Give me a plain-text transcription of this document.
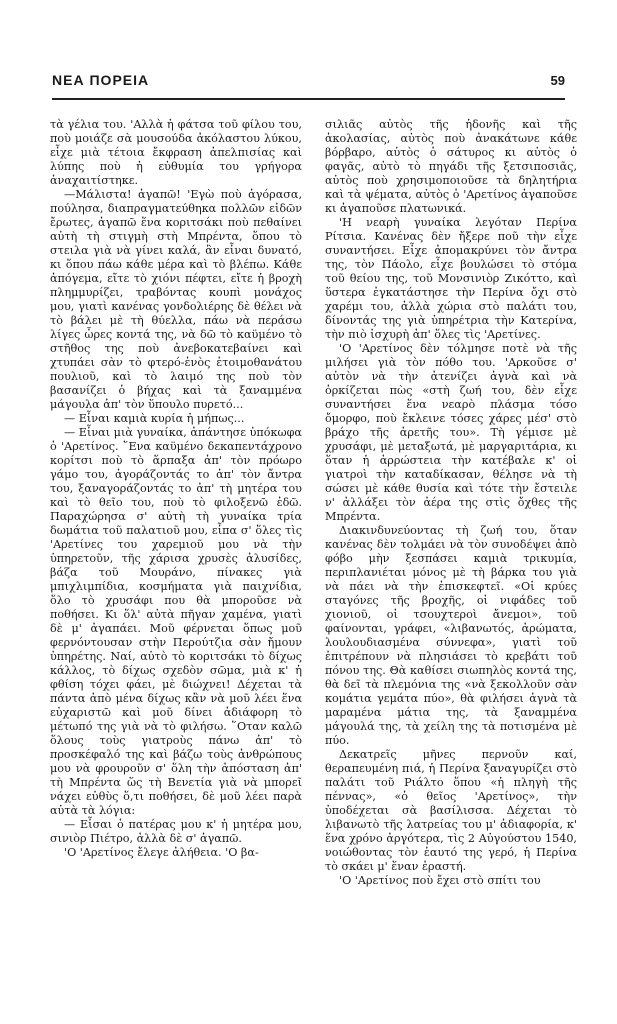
ΝΕΑ ΠΟΡΕΙΑ	59

τὰ γέλια του. 'Αλλὰ ἡ φάτσα τοῦ φίλου του, ποὺ μοιάζε σὰ μουσούδα ἀκόλαστου λύκου, εἶχε μιὰ τέτοια ἔκφραση ἀπελπισίας καὶ λύπης ποὺ ἡ εὐθυμία του γρήγορα ἀναχαιτίστηκε.

—Μάλιστα! ἀγαπῶ! 'Εγὼ ποὺ ἀγόρασα, πούλησα, διαπραγματεύθηκα πολλῶν εἰδῶν ἔρωτες, ἀγαπῶ ἕνα κοριτσάκι ποὺ πεθαίνει αὐτὴ τὴ στιγμὴ στὴ Μπρέντα, ὅπου τὸ στειλα γιὰ νὰ γίνει καλά, ἂν εἶναι δυνατό, κι ὅπου πάω κάθε μέρα καὶ τὸ βλέπω. Κάθε ἀπόγεμα, εἴτε τὸ χιόνι πέφτει, εἴτε ἡ βροχὴ πλημμυρίζει, τραβόντας κουπὶ μονάχος μου, γιατὶ κανένας γονδολιέρης δὲ θέλει νὰ τὸ βάλει μὲ τὴ θύελλα, πάω νὰ περάσω λίγες ὧρες κοντά της, νὰ δῶ τὸ καϋμένο τὸ στῆθος της ποὺ ἀνεβοκατεβαίνει καὶ χτυπάει σὰν τὸ φτερό-ἐνὸς ἑτοιμοθανάτου πουλιοῦ, καὶ τὸ λαιμό της ποὺ τὸν βασανίζει ὁ βήχας καὶ τὰ ξαναμμένα μάγουλα ἀπ' τὸν ὕπουλο πυρετό...

— Εἶναι καμιὰ κυρία ἡ μήπως...

— Εἶναι μιὰ γυναίκα, ἀπάντησε ὑπόκωφα ὁ 'Αρετίνος. ῞Ενα καϋμένο δεκαπεντάχρονο κορίτσι ποὺ τὸ ἅρπαξα ἀπ' τὸν πρόωρο γάμο του, ἀγοράζοντάς το ἀπ' τὸν ἄντρα του, ξαναγοράζοντάς το ἀπ' τὴ μητέρα του καὶ τὸ θεῖο του, ποὺ τὸ φιλοξενῶ ἐδῶ. Παραχώρησα σ' αὐτὴ τὴ γυναίκα τρία δωμάτια τοῦ παλατιοῦ μου, εἶπα σ' ὅλες τὶς 'Αρετίνες του χαρεμιοῦ μου νὰ τὴν ὑπηρετοῦν, τῆς χάρισα χρυσὲς ἀλυσίδες, βάζα τοῦ Μουράνο, πίνακες γιὰ μπιχλιμπίδια, κοσμήματα γιὰ παιχνίδια, ὅλο τὸ χρυσάφι που θὰ μποροῦσε νὰ ποθήσει. Κι ὅλ' αὐτὰ πῆγαν χαμένα, γιατὶ δὲ μ' ἀγαπάει. Μοῦ φέρνεται ὅπως μοῦ φερνόντουσαν στὴν Περούτζια σὰν ἤμουν ὑπηρέτης. Ναί, αὐτὸ τὸ κοριτσάκι τὸ δίχως κάλλος, τὸ δίχως σχεδὸν σῶμα, μιὰ κ' ἡ φθίση τόχει φάει, μὲ διώχνει! Δέχεται τὰ πάντα ἀπὸ μένα δίχως κἂν νὰ μοῦ λέει ἕνα εὐχαριστῶ καὶ μοῦ δίνει ἀδιάφορη τὸ μέτωπό της γιὰ νὰ τὸ φιλήσω. ῞Οταν καλῶ ὅλους τοὺς γιατροὺς πάνω ἀπ' τὸ προσκέφαλό της καὶ βάζω τοὺς ἀνθρώπους μου νὰ φρουροῦν σ' ὅλη τὴν ἀπόσταση ἀπ' τὴ Μπρέντα ὥς τὴ Βενετία γιὰ νὰ μπορεῖ νάχει εὐθὺς ὅ,τι ποθήσει, δὲ μοῦ λέει παρὰ αὐτὰ τὰ λόγια:

— Εἶσαι ὁ πατέρας μου κ' ἡ μητέρα μου, σινιὸρ Πιέτρο, ἀλλὰ δὲ σ' ἀγαπῶ.

'Ο 'Αρετίνος ἔλεγε ἀλήθεια. 'Ο βα-

σιλιᾶς αὐτὸς τῆς ἡδονῆς καὶ τῆς ἀκολασίας, αὐτὸς ποὺ ἀνακάτωνε κάθε βόρβαρο, αὐτὸς ὁ σάτυρος κι αὐτὸς ὁ φαγᾶς, αὐτὸ τὸ πηγάδι τῆς ξετσιποσιᾶς, αὐτὸς ποὺ χρησιμοποιοῦσε τὰ δηλητήρια καὶ τὰ ψέματα, αὐτὸς ὁ 'Αρετίνος ἀγαποῦσε κι ἀγαποῦσε πλατωνικά.

'Η νεαρὴ γυναίκα λεγόταν Περίνα Ρίτσια. Κανένας δὲν ἤξερε ποῦ τὴν εἶχε συναντήσει. Εἶχε ἀπομακρύνει τὸν ἄντρα της, τὸν Πάολο, εἶχε βουλώσει τὸ στόμα τοῦ θείου της, τοῦ Μονσινιὸρ Ζικόττο, καὶ ὕστερα ἐγκατάστησε τὴν Περίνα ὄχι στὸ χαρέμι του, ἀλλὰ χώρια στὸ παλάτι του, δίνοντάς της γιὰ ὑπηρέτρια τὴν Κατερίνα, τὴν πιὸ ἰσχυρὴ ἀπ' ὅλες τὶς 'Αρετίνες.

'Ο 'Αρετίνος δὲν τόλμησε ποτὲ νὰ τῆς μιλήσει γιὰ τὸν πόθο του. 'Αρκοῦσε σ' αὐτὸν νὰ τὴν ἀτενίζει ἁγνὰ καὶ νὰ ὁρκίζεται πὼς «στὴ ζωή του, δὲν εἶχε συναντήσει ἕνα νεαρὸ πλάσμα τόσο ὄμορφο, ποὺ ἔκλεινε τόσες χάρες μέσ' στὸ βράχο τῆς ἀρετῆς του». Τὴ γέμισε μὲ χρυσάφι, μὲ μεταξωτά, μὲ μαργαριτάρια, κι ὅταν ἡ ἀρρώστεια τὴν κατέβαλε κ' οἱ γιατροὶ τὴν καταδίκασαν, θέλησε νὰ τὴ σώσει μὲ κάθε θυσία καὶ τότε τὴν ἔστειλε ν' ἀλλάξει τὸν ἀέρα της στὶς ὄχθες τῆς Μπρέντα.

Διακινδυνεύοντας τὴ ζωή του, ὅταν κανένας δὲν τολμάει νὰ τὸν συνοδέψει ἀπὸ φόβο μὴν ξεσπάσει καμιὰ τρικυμία, περιπλανιέται μόνος μὲ τὴ βάρκα του γιὰ νὰ πάει νὰ τὴν ἐπισκεφτεῖ. «Οἱ κρύες σταγόνες τῆς βροχῆς, οἱ νιφάδες τοῦ χιονιοῦ, οἱ τσουχτεροὶ ἄνεμοι», τοῦ φαίνονται, γράφει, «λιβανωτός, ἀρώματα, λουλουδιασμένα σύννεφα», γιατὶ τοῦ ἐπιτρέπουν νὰ πλησιάσει τὸ κρεβάτι τοῦ πόνου της. Θὰ καθίσει σιωπηλὸς κοντά της, θὰ δεῖ τὰ πλεμόνια της «νὰ ξεκολλοῦν σὰν κομάτια γεμάτα πύο», θὰ φιλήσει ἁγνὰ τὰ μαραμένα μάτια της, τὰ ξαναμμένα μάγουλά της, τὰ χείλη της τὰ ποτισμένα μὲ πύο.

Δεκατρεῖς μῆνες περνοῦν καί, θεραπευμένη πιά, ἡ Περίνα ξαναγυρίζει στὸ παλάτι τοῦ Ριάλτο ὅπου «ἡ πληγὴ τῆς πέννας», «ὁ θεῖος 'Αρετίνος», τὴν ὑποδέχεται σὰ βασίλισσα. Δέχεται τὸ λιβανωτὸ τῆς λατρείας του μ' ἀδιαφορία, κ' ἕνα χρόνο ἀργότερα, τὶς 2 Αὐγούστου 1540, νοιώθοντας τὸν ἑαυτό της γερό, ἡ Περίνα τὸ σκάει μ' ἕναν ἐραστή.

'Ο 'Αρετίνος ποὺ ἔχει στὸ σπίτι του
